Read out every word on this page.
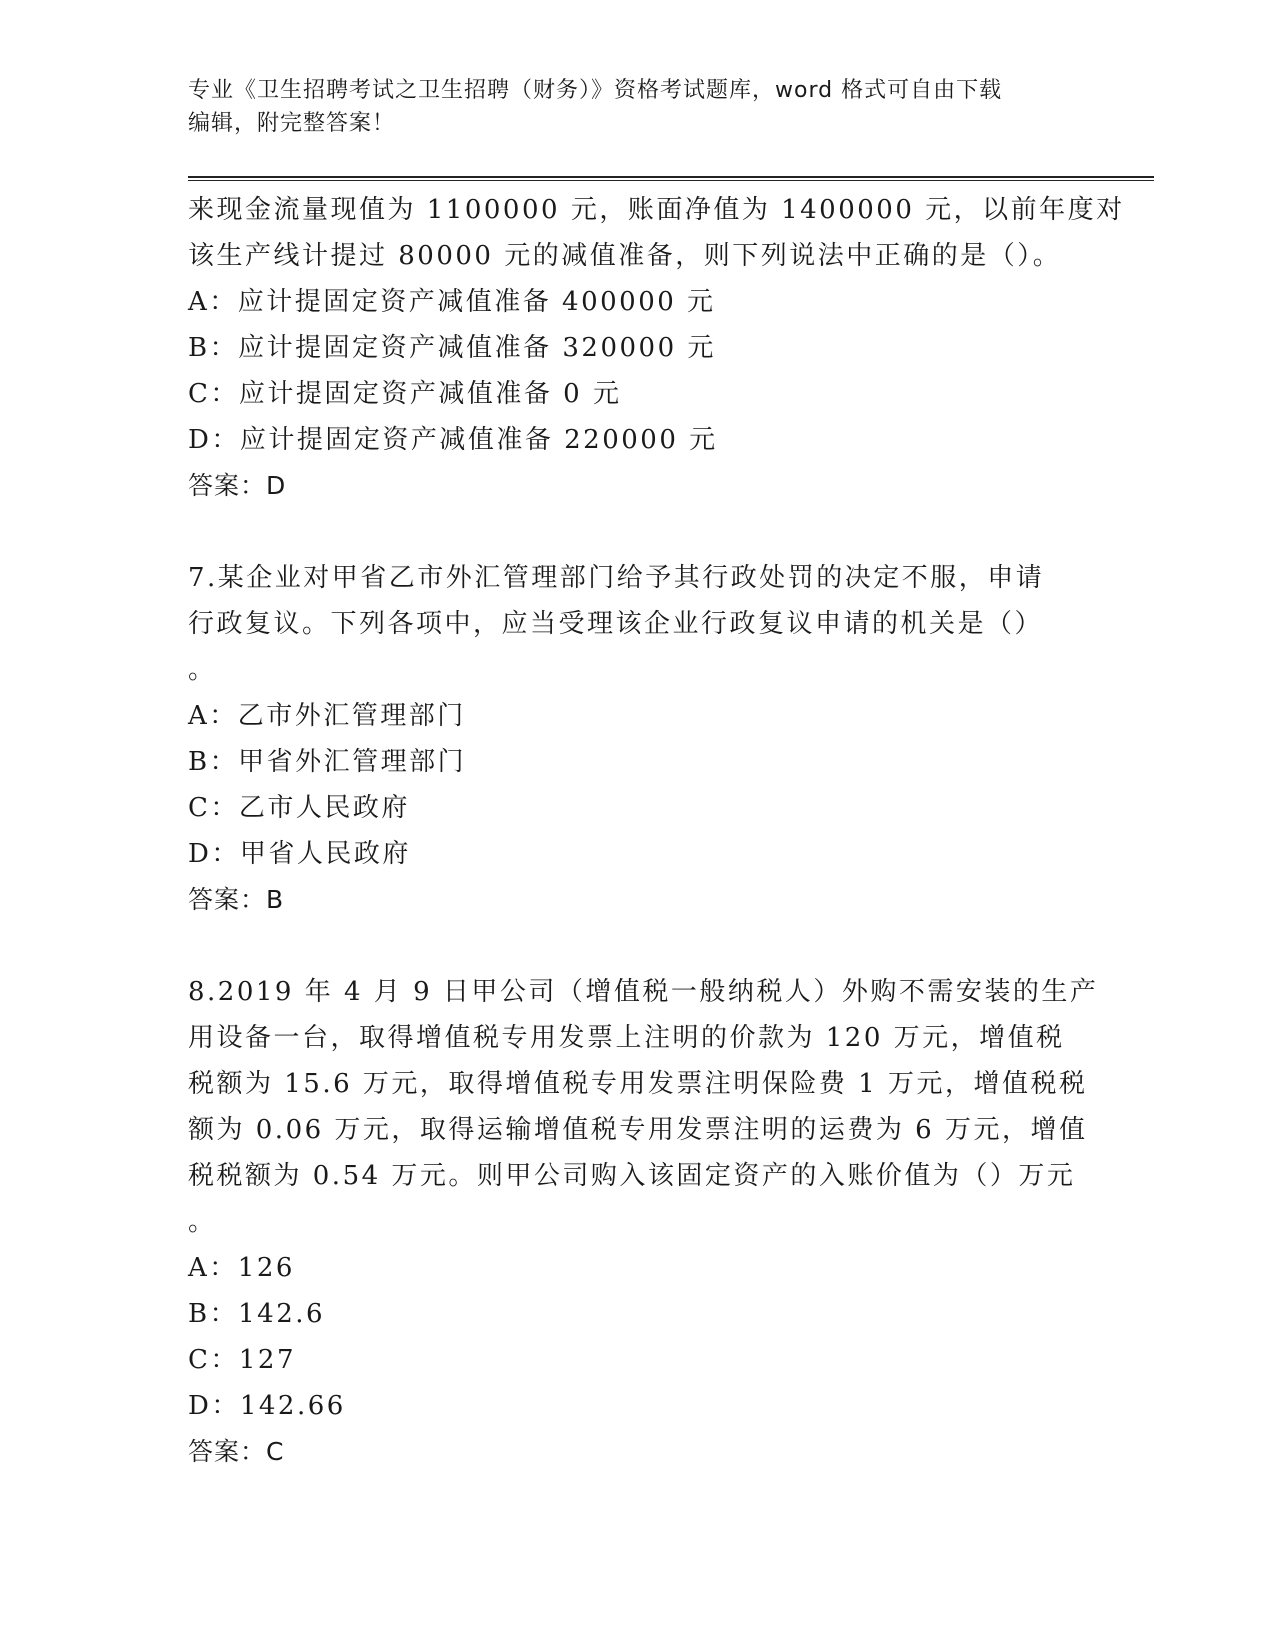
专业《卫生招聘考试之卫生招聘（财务）》资格考试题库，word 格式可自由下载
编辑，附完整答案！
来现金流量现值为 1100000 元，账面净值为 1400000 元，以前年度对
该生产线计提过 80000 元的减值准备，则下列说法中正确的是（）。
A：应计提固定资产减值准备 400000 元
B：应计提固定资产减值准备 320000 元
C：应计提固定资产减值准备 0 元
D：应计提固定资产减值准备 220000 元
答案：D
7.某企业对甲省乙市外汇管理部门给予其行政处罚的决定不服，申请
行政复议。下列各项中，应当受理该企业行政复议申请的机关是（）
。
A：乙市外汇管理部门
B：甲省外汇管理部门
C：乙市人民政府
D：甲省人民政府
答案：B
8.2019 年 4 月 9 日甲公司（增值税一般纳税人）外购不需安装的生产
用设备一台，取得增值税专用发票上注明的价款为 120 万元，增值税
税额为 15.6 万元，取得增值税专用发票注明保险费 1 万元，增值税税
额为 0.06 万元，取得运输增值税专用发票注明的运费为 6 万元，增值
税税额为 0.54 万元。则甲公司购入该固定资产的入账价值为（）万元
。
A：126
B：142.6
C：127
D：142.66
答案：C
